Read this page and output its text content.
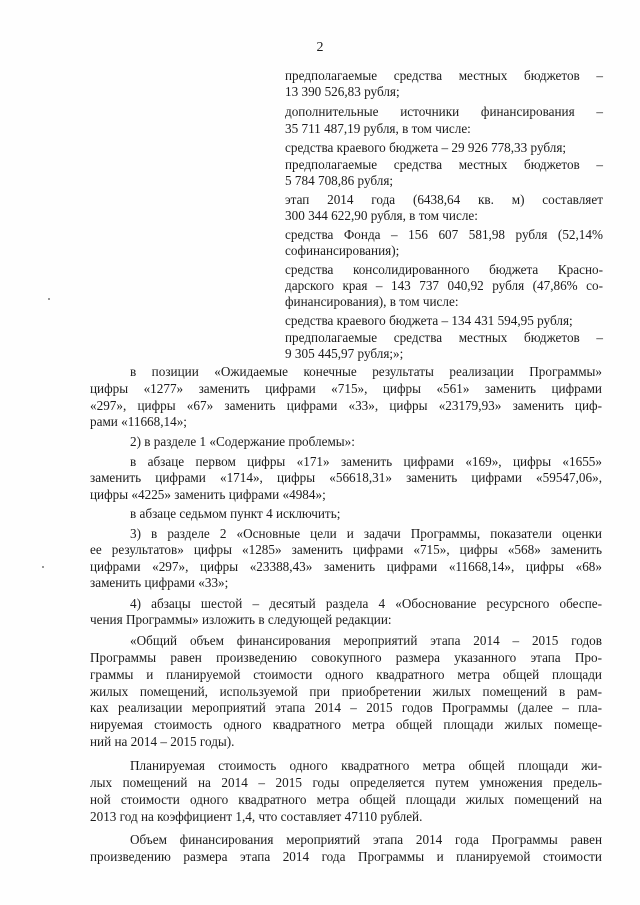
2
предполагаемые средства местных бюджетов –
13 390 526,83 рубля;
дополнительные источники финансирования –
35 711 487,19 рубля, в том числе:
средства краевого бюджета – 29 926 778,33 рубля;
предполагаемые средства местных бюджетов –
5 784 708,86 рубля;
этап 2014 года (6438,64 кв. м) составляет
300 344 622,90 рубля, в том числе:
средства Фонда – 156 607 581,98 рубля (52,14%
софинансирования);
средства консолидированного бюджета Красно-
дарского края – 143 737 040,92 рубля (47,86% со-
финансирования), в том числе:
средства краевого бюджета – 134 431 594,95 рубля;
предполагаемые средства местных бюджетов –
9 305 445,97 рубля;»;
в позиции «Ожидаемые конечные результаты реализации Программы»
цифры «1277» заменить цифрами «715», цифры «561» заменить цифрами
«297», цифры «67» заменить цифрами «33», цифры «23179,93» заменить циф-
рами «11668,14»;
2) в разделе 1 «Содержание проблемы»:
в абзаце первом цифры «171» заменить цифрами «169», цифры «1655»
заменить цифрами «1714», цифры «56618,31» заменить цифрами «59547,06»,
цифры «4225» заменить цифрами «4984»;
в абзаце седьмом пункт 4 исключить;
3) в разделе 2 «Основные цели и задачи Программы, показатели оценки
ее результатов» цифры «1285» заменить цифрами «715», цифры «568» заменить
цифрами «297», цифры «23388,43» заменить цифрами «11668,14», цифры «68»
заменить цифрами «33»;
4) абзацы шестой – десятый раздела 4 «Обоснование ресурсного обеспе-
чения Программы» изложить в следующей редакции:
«Общий объем финансирования мероприятий этапа 2014 – 2015 годов
Программы равен произведению совокупного размера указанного этапа Про-
граммы и планируемой стоимости одного квадратного метра общей площади
жилых помещений, используемой при приобретении жилых помещений в рам-
ках реализации мероприятий этапа 2014 – 2015 годов Программы (далее – пла-
нируемая стоимость одного квадратного метра общей площади жилых помеще-
ний на 2014 – 2015 годы).
Планируемая стоимость одного квадратного метра общей площади жи-
лых помещений на 2014 – 2015 годы определяется путем умножения предель-
ной стоимости одного квадратного метра общей площади жилых помещений на
2013 год на коэффициент 1,4, что составляет 47110 рублей.
Объем финансирования мероприятий этапа 2014 года Программы равен
произведению размера этапа 2014 года Программы и планируемой стоимости
